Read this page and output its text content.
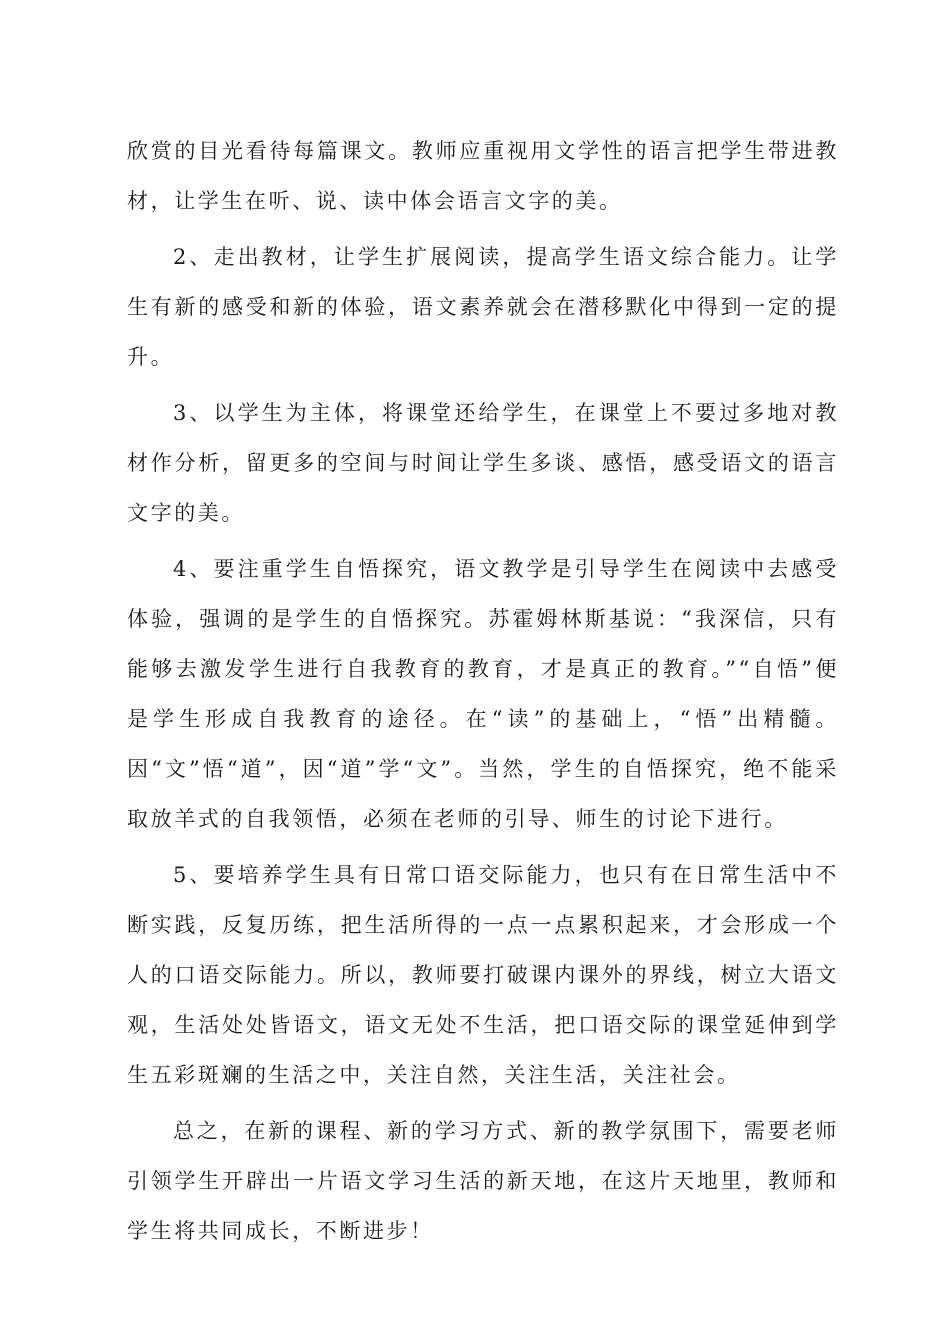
欣赏的目光看待每篇课文。教师应重视用文学性的语言把学生带进教材，让学生在听、说、读中体会语言文字的美。

2、走出教材，让学生扩展阅读，提高学生语文综合能力。让学生有新的感受和新的体验，语文素养就会在潜移默化中得到一定的提升。

3、以学生为主体，将课堂还给学生，在课堂上不要过多地对教材作分析，留更多的空间与时间让学生多谈、感悟，感受语文的语言文字的美。

4、要注重学生自悟探究，语文教学是引导学生在阅读中去感受体验，强调的是学生的自悟探究。苏霍姆林斯基说：“我深信，只有能够去激发学生进行自我教育的教育，才是真正的教育。”“自悟”便是学生形成自我教育的途径。在“读”的基础上，“悟”出精髓。因“文”悟“道”，因“道”学“文”。当然，学生的自悟探究，绝不能采取放羊式的自我领悟，必须在老师的引导、师生的讨论下进行。

5、要培养学生具有日常口语交际能力，也只有在日常生活中不断实践，反复历练，把生活所得的一点一点累积起来，才会形成一个人的口语交际能力。所以，教师要打破课内课外的界线，树立大语文观，生活处处皆语文，语文无处不生活，把口语交际的课堂延伸到学生五彩斑斓的生活之中，关注自然，关注生活，关注社会。

总之，在新的课程、新的学习方式、新的教学氛围下，需要老师引领学生开辟出一片语文学习生活的新天地，在这片天地里，教师和学生将共同成长，不断进步！
